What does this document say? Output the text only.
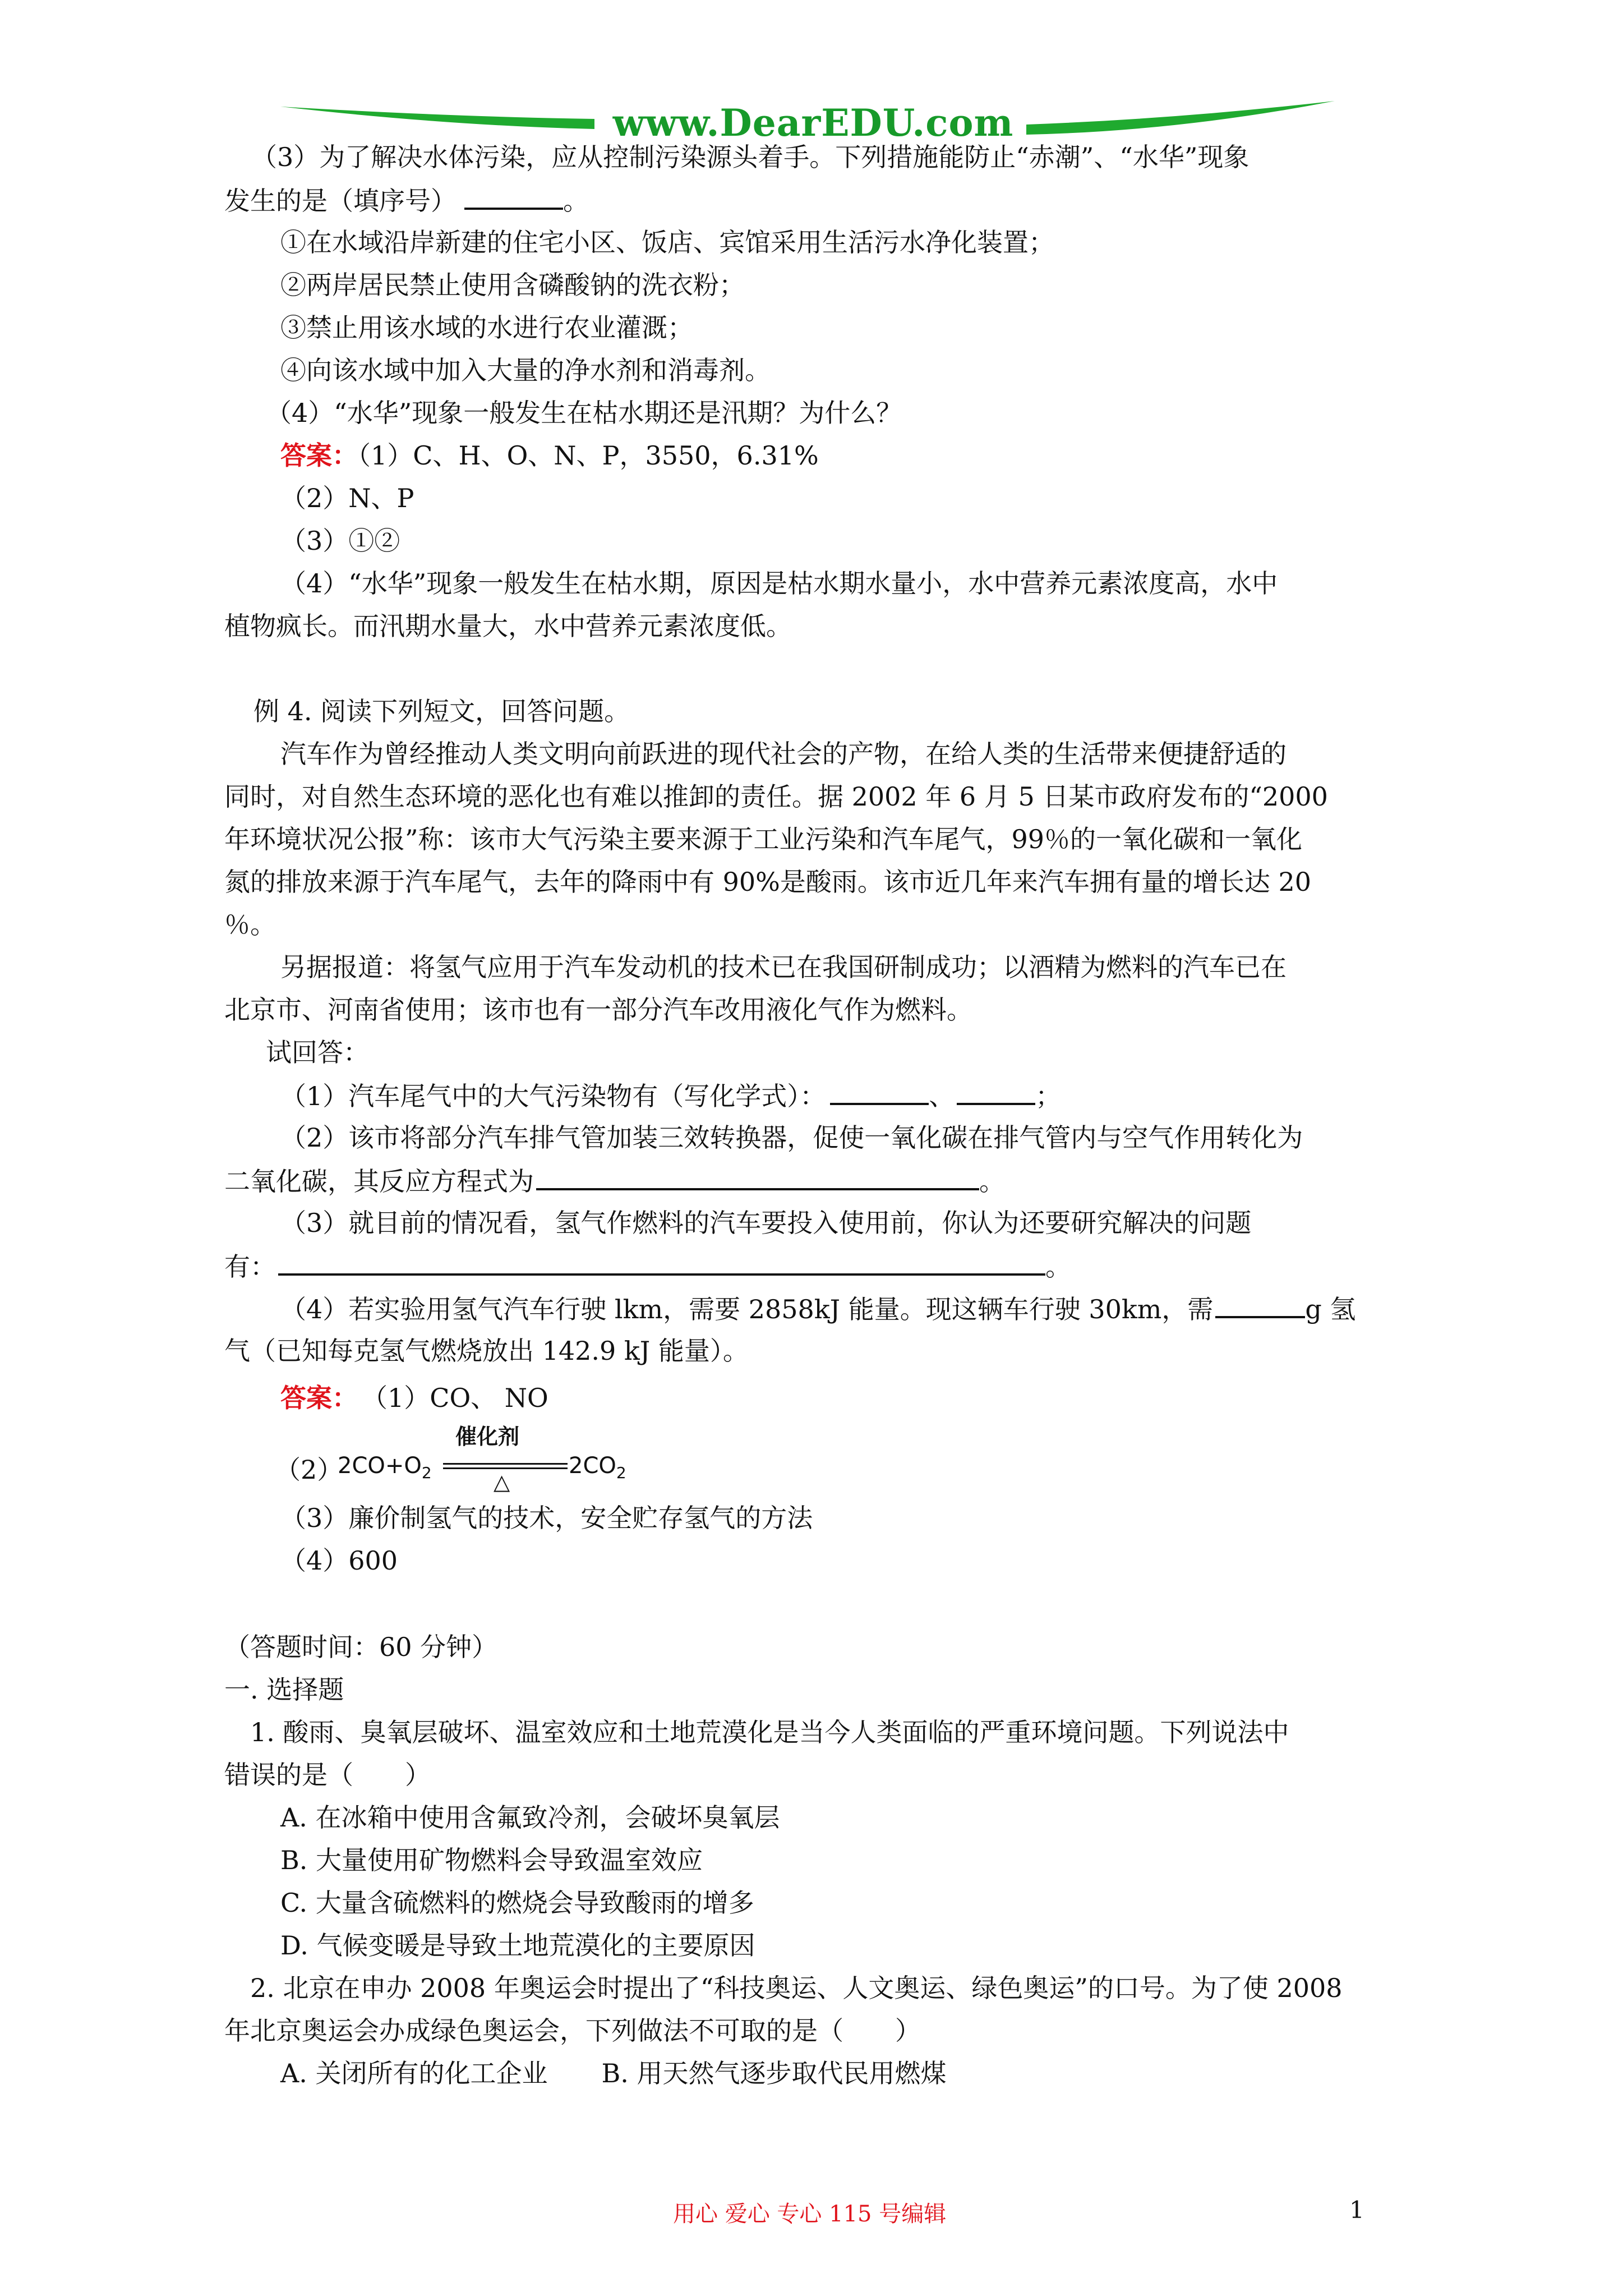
www.DearEDU.com
（3）为了解决水体污染，应从控制污染源头着手。下列措施能防止“赤潮”、“水华”现象
发生的是（填序号）	。
①在水域沿岸新建的住宅小区、饭店、宾馆采用生活污水净化装置；
②两岸居民禁止使用含磷酸钠的洗衣粉；
③禁止用该水域的水进行农业灌溉；
④向该水域中加入大量的净水剂和消毒剂。
（4）“水华”现象一般发生在枯水期还是汛期？为什么？
答案：（1）C、H、O、N、P，3550，6.31%
（2）N、P
（3）①②
（4）“水华”现象一般发生在枯水期，原因是枯水期水量小，水中营养元素浓度高，水中
植物疯长。而汛期水量大，水中营养元素浓度低。
例 4. 阅读下列短文，回答问题。
汽车作为曾经推动人类文明向前跃进的现代社会的产物，在给人类的生活带来便捷舒适的
同时，对自然生态环境的恶化也有难以推卸的责任。据 2002 年 6 月 5 日某市政府发布的“2000
年环境状况公报”称：该市大气污染主要来源于工业污染和汽车尾气，99％的一氧化碳和一氧化
氮的排放来源于汽车尾气，去年的降雨中有 90%是酸雨。该市近几年来汽车拥有量的增长达 20
％。
另据报道：将氢气应用于汽车发动机的技术已在我国研制成功；以酒精为燃料的汽车已在
北京市、河南省使用；该市也有一部分汽车改用液化气作为燃料。
试回答：
（1）汽车尾气中的大气污染物有（写化学式）：	、	；
（2）该市将部分汽车排气管加装三效转换器，促使一氧化碳在排气管内与空气作用转化为
二氧化碳，其反应方程式为	。
（3）就目前的情况看，氢气作燃料的汽车要投入使用前，你认为还要研究解决的问题
有：	。
（4）若实验用氢气汽车行驶 lkm，需要 2858kJ 能量。现这辆车行驶 30km，需	g 氢
气（已知每克氢气燃烧放出 142.9 kJ 能量）。
答案： （1）CO、 NO
（2）
$2CO+O_2$
催化剂
△
$2CO_2$
（3）廉价制氢气的技术，安全贮存氢气的方法
（4）600
（答题时间：60 分钟）
一. 选择题
1. 酸雨、臭氧层破坏、温室效应和土地荒漠化是当今人类面临的严重环境问题。下列说法中
错误的是（　　）
A. 在冰箱中使用含氟致冷剂，会破坏臭氧层
B. 大量使用矿物燃料会导致温室效应
C. 大量含硫燃料的燃烧会导致酸雨的增多
D. 气候变暖是导致土地荒漠化的主要原因
2. 北京在申办 2008 年奥运会时提出了“科技奥运、人文奥运、绿色奥运”的口号。为了使 2008
年北京奥运会办成绿色奥运会，下列做法不可取的是（　　）
A. 关闭所有的化工企业 B. 用天然气逐步取代民用燃煤
用心 爱心 专心 115 号编辑	1
